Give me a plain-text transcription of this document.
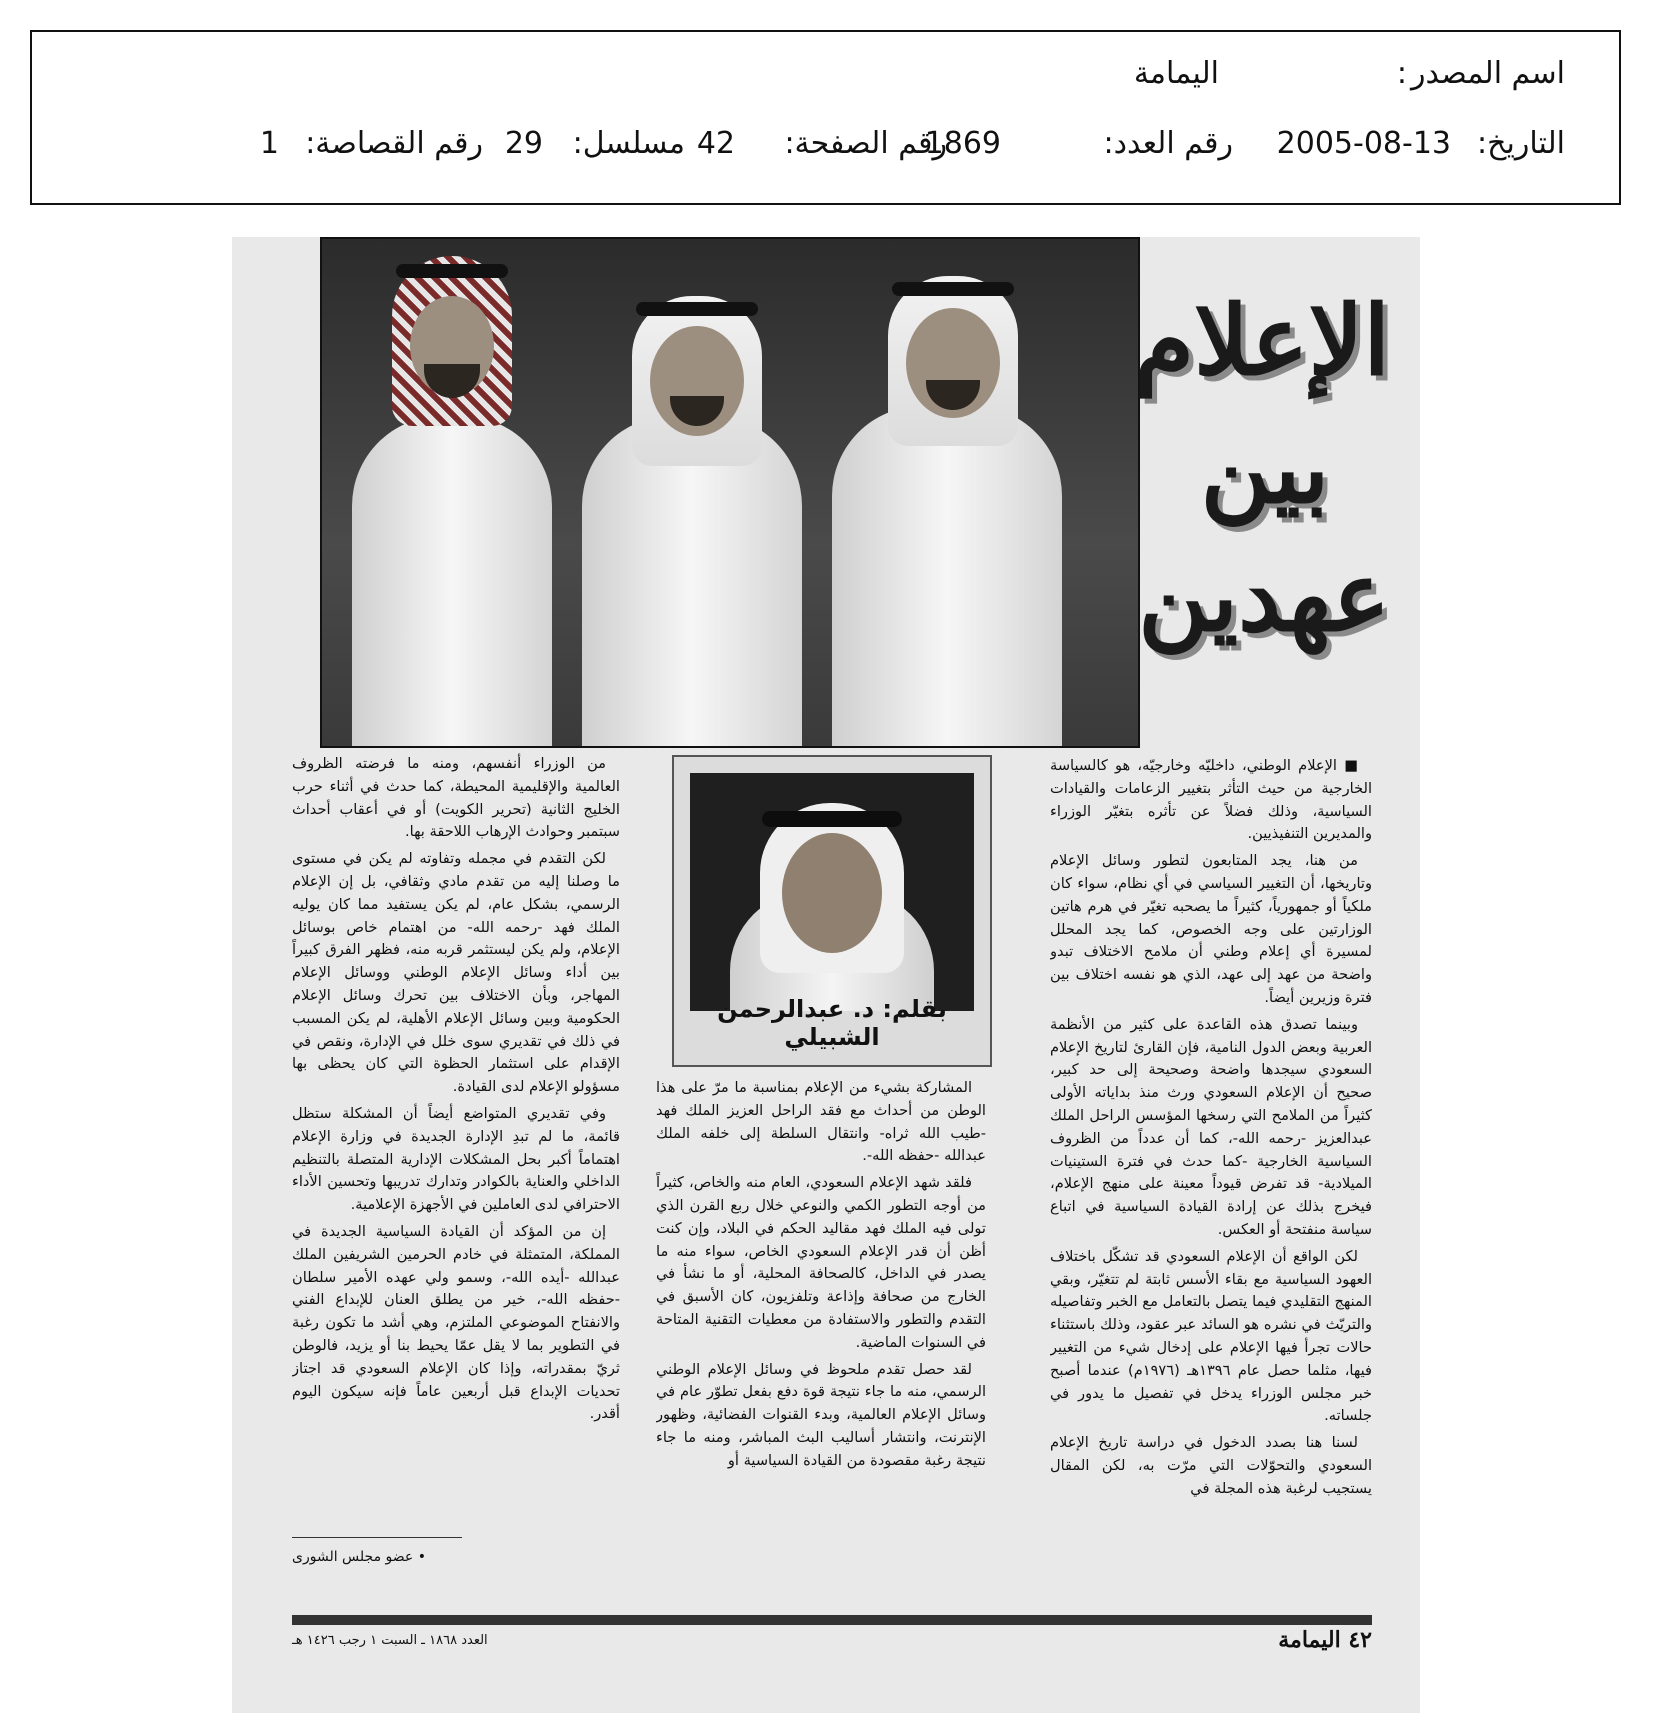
اسم المصدر
:
اليمامة
التاريخ:
2005-08-13
رقم العدد:
1869
رقم الصفحة:
42
مسلسل:
29
رقم القصاصة:
1
الإعلام
بين
عهدين

■ الإعلام الوطني، داخليّه وخارجيّه، هو كالسياسة الخارجية من حيث التأثر بتغيير الزعامات والقيادات السياسية، وذلك فضلاً عن تأثره بتغيّر الوزراء والمديرين التنفيذيين.

من هنا، يجد المتابعون لتطور وسائل الإعلام وتاريخها، أن التغيير السياسي في أي نظام، سواء كان ملكياً أو جمهورياً، كثيراً ما يصحبه تغيّر في هرم هاتين الوزارتين على وجه الخصوص، كما يجد المحلل لمسيرة أي إعلام وطني أن ملامح الاختلاف تبدو واضحة من عهد إلى عهد، الذي هو نفسه اختلاف بين فترة وزيرين أيضاً.

وبينما تصدق هذه القاعدة على كثير من الأنظمة العربية وبعض الدول النامية، فإن القارئ لتاريخ الإعلام السعودي سيجدها واضحة وصحيحة إلى حد كبير، صحيح أن الإعلام السعودي ورث منذ بداياته الأولى كثيراً من الملامح التي رسخها المؤسس الراحل الملك عبدالعزيز -رحمه الله-، كما أن عدداً من الظروف السياسية الخارجية -كما حدث في فترة الستينيات الميلادية- قد تفرض قيوداً معينة على منهج الإعلام، فيخرج بذلك عن إرادة القيادة السياسية في اتباع سياسة منفتحة أو العكس.

لكن الواقع أن الإعلام السعودي قد تشكّل باختلاف العهود السياسية مع بقاء الأسس ثابتة لم تتغيّر، وبقي المنهج التقليدي فيما يتصل بالتعامل مع الخبر وتفاصيله والتريّث في نشره هو السائد عبر عقود، وذلك باستثناء حالات تجرأ فيها الإعلام على إدخال شيء من التغيير فيها، مثلما حصل عام ١٣٩٦هـ (١٩٧٦م) عندما أصبح خبر مجلس الوزراء يدخل في تفصيل ما يدور في جلساته.

لسنا هنا بصدد الدخول في دراسة تاريخ الإعلام السعودي والتحوّلات التي مرّت به، لكن المقال يستجيب لرغبة هذه المجلة في

بقلم: د. عبدالرحمن الشبيلي

المشاركة بشيء من الإعلام بمناسبة ما مرّ على هذا الوطن من أحداث مع فقد الراحل العزيز الملك فهد -طيب الله ثراه- وانتقال السلطة إلى خلفه الملك عبدالله -حفظه الله-.

فلقد شهد الإعلام السعودي، العام منه والخاص، كثيراً من أوجه التطور الكمي والنوعي خلال ربع القرن الذي تولى فيه الملك فهد مقاليد الحكم في البلاد، وإن كنت أظن أن قدر الإعلام السعودي الخاص، سواء منه ما يصدر في الداخل، كالصحافة المحلية، أو ما نشأ في الخارج من صحافة وإذاعة وتلفزيون، كان الأسبق في التقدم والتطور والاستفادة من معطيات التقنية المتاحة في السنوات الماضية.

لقد حصل تقدم ملحوظ في وسائل الإعلام الوطني الرسمي، منه ما جاء نتيجة قوة دفع بفعل تطوّر عام في وسائل الإعلام العالمية، وبدء القنوات الفضائية، وظهور الإنترنت، وانتشار أساليب البث المباشر، ومنه ما جاء نتيجة رغبة مقصودة من القيادة السياسية أو

من الوزراء أنفسهم، ومنه ما فرضته الظروف العالمية والإقليمية المحيطة، كما حدث في أثناء حرب الخليج الثانية (تحرير الكويت) أو في أعقاب أحداث سبتمبر وحوادث الإرهاب اللاحقة بها.

لكن التقدم في مجمله وتفاوته لم يكن في مستوى ما وصلنا إليه من تقدم مادي وثقافي، بل إن الإعلام الرسمي، بشكل عام، لم يكن يستفيد مما كان يوليه الملك فهد -رحمه الله- من اهتمام خاص بوسائل الإعلام، ولم يكن ليستثمر قربه منه، فظهر الفرق كبيراً بين أداء وسائل الإعلام الوطني ووسائل الإعلام المهاجر، وبأن الاختلاف بين تحرك وسائل الإعلام الحكومية وبين وسائل الإعلام الأهلية، لم يكن المسبب في ذلك في تقديري سوى خلل في الإدارة، ونقص في الإقدام على استثمار الحظوة التي كان يحظى بها مسؤولو الإعلام لدى القيادة.

وفي تقديري المتواضع أيضاً أن المشكلة ستظل قائمة، ما لم تبدِ الإدارة الجديدة في وزارة الإعلام اهتماماً أكبر بحل المشكلات الإدارية المتصلة بالتنظيم الداخلي والعناية بالكوادر وتدارك تدريبها وتحسين الأداء الاحترافي لدى العاملين في الأجهزة الإعلامية.

إن من المؤكد أن القيادة السياسية الجديدة في المملكة، المتمثلة في خادم الحرمين الشريفين الملك عبدالله -أيده الله-، وسمو ولي عهده الأمير سلطان -حفظه الله-، خير من يطلق العنان للإبداع الفني والانفتاح الموضوعي الملتزم، وهي أشد ما تكون رغبة في التطوير بما لا يقل عمّا يحيط بنا أو يزيد، فالوطن ثريّ بمقدراته، وإذا كان الإعلام السعودي قد اجتاز تحديات الإبداع قبل أربعين عاماً فإنه سيكون اليوم أقدر.

• عضو مجلس الشورى
العدد ١٨٦٨ ـ السبت ١ رجب ١٤٢٦ هـ	٤٢ اليمامة
